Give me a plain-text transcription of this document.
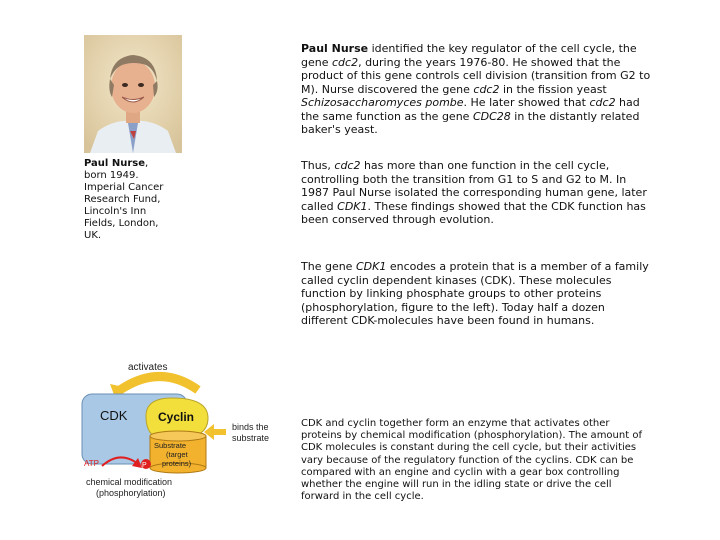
Paul Nurse,
born 1949.
Imperial Cancer
Research Fund,
Lincoln's Inn
Fields, London,
UK.
Paul Nurse identified the key regulator of the cell cycle, the gene cdc2, during the years 1976-80. He showed that the product of this gene controls cell division (transition from G2 to M). Nurse discovered the gene cdc2 in the fission yeast Schizosaccharomyces pombe. He later showed that cdc2 had the same function as the gene CDC28 in the distantly related baker's yeast.
Thus, cdc2 has more than one function in the cell cycle, controlling both the transition from G1 to S and G2 to M. In 1987 Paul Nurse isolated the corresponding human gene, later called CDK1. These findings showed that the CDK function has been conserved through evolution.
The gene CDK1 encodes a protein that is a member of a family called cyclin dependent kinases (CDK). These molecules function by linking phosphate groups to other proteins (phosphorylation, figure to the left). Today half a dozen different CDK-molecules have been found in humans.
CDK and cyclin together form an enzyme that activates other proteins by chemical modification (phosphorylation). The amount of CDK molecules is constant during the cell cycle, but their activities vary because of the regulatory function of the cyclins. CDK can be compared with an engine and cyclin with a gear box controlling whether the engine will run in the idling state or drive the cell forward in the cell cycle.
activates
CDK	Cyclin
Substrate
(target
proteins)
binds the
substrate
ATP	P
chemical modification
(phosphorylation)
